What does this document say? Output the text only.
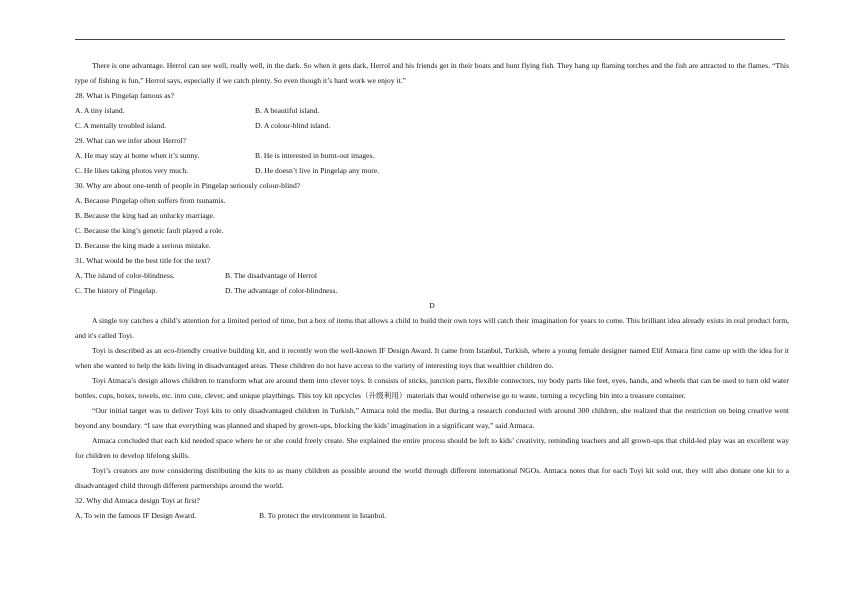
There is one advantage. Herrol can see well, really well, in the dark. So when it gets dark, Herrol and his friends get in their boats and hunt flying fish. They hang up flaming torches and the fish are attracted to the flames. “This type of fishing is fun,” Herrol says, especially if we catch plenty. So even though it’s hard work we enjoy it.”

28. What is Pingelap famous as?

A. A tiny island.	B. A beautiful island.
C. A mentally troubled island.	D. A colour-blind island.

29. What can we infer about Herrol?

A. He may stay at home when it’s sunny.	B. He is interested in burnt-out images.
C. He likes taking photos very much.	D. He doesn’t live in Pingelap any more.

30. Why are about one-tenth of people in Pingelap seriously colour-blind?

A. Because Pingelap often suffers from tsunamis.

B. Because the king had an unlucky marriage.

C. Because the king’s genetic fault played a role.

D. Because the king made a serious mistake.

31. What would be the best title for the text?

A. The island of color-blindness.	B. The disadvantage of Herrol
C. The history of Pingelap.	D. The advantage of color-blindness.

D

A single toy catches a child’s attention for a limited period of time, but a box of items that allows a child to build their own toys will catch their imagination for years to come. This brilliant idea already exists in real product form, and it's called Toyi.

Toyi is described as an eco-friendly creative building kit, and it recently won the well-known IF Design Award. It came from Istanbul, Turkish, where a young female designer named Elif Atmaca first came up with the idea for it when she wanted to help the kids living in disadvantaged areas. These children do not have access to the variety of interesting toys that wealthier children do.

Toyi Atmaca’s design allows children to transform what are around them into clever toys. It consists of sticks, junction parts, flexible connectors, toy body parts like feet, eyes, hands, and wheels that can be used to turn old water bottles, cups, boxes, towels, etc. into cute, clever, and unique playthings. This toy kit upcycles（升级利用）materials that would otherwise go to waste, turning a recycling bin into a treasure container.

“Our initial target was to deliver Toyi kits to only disadvantaged children in Turkish,” Atmaca told the media. But during a research conducted with around 300 children, she realized that the restriction on being creative went beyond any boundary. “I saw that everything was planned and shaped by grown-ups, blocking the kids’ imagination in a significant way,” said Atmaca.

Atmaca concluded that each kid needed space where he or she could freely create. She explained the entire process should be left to kids’ creativity, reminding teachers and all grown-ups that child-led play was an excellent way for children to develop lifelong skills.

Toyi’s creators are now considering distributing the kits to as many children as possible around the world through different international NGOs. Atmaca notes that for each Toyi kit sold out, they will also donate one kit to a disadvantaged child through different partnerships around the world.

32. Why did Atmaca design Toyi at first?

A. To win the famous IF Design Award.	B. To protect the environment in Istanbul.
